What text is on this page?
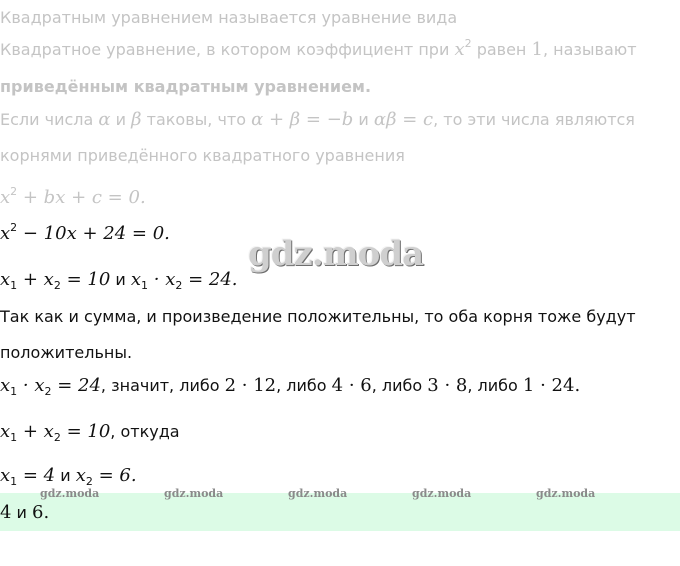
Квадратным уравнением называется уравнение вида
Квадратное уравнение, в котором коэффициент при $x^2$ равен 1, называют
приведённым квадратным уравнением.
Если числа α и β таковы, что α + β = −b и αβ = c, то эти числа являются
корнями приведённого квадратного уравнения
$x^2$ + bx + c = 0.
$x^2 - 10x + 24 = 0$.
gdz.moda
$x_1 + x_2 = 10$ и $x_1 \cdot x_2 = 24$.
Так как и сумма, и произведение положительны, то оба корня тоже будут
положительны.
$x_1 \cdot x_2 = 24$, значит, либо 2 · 12, либо 4 · 6, либо 3 · 8, либо 1 · 24.
$x_1 + x_2 = 10$, откуда
$x_1 = 4$ и $x_2 = 6$.
gdz.moda	gdz.moda	gdz.moda	gdz.moda	gdz.moda
4 и 6.
